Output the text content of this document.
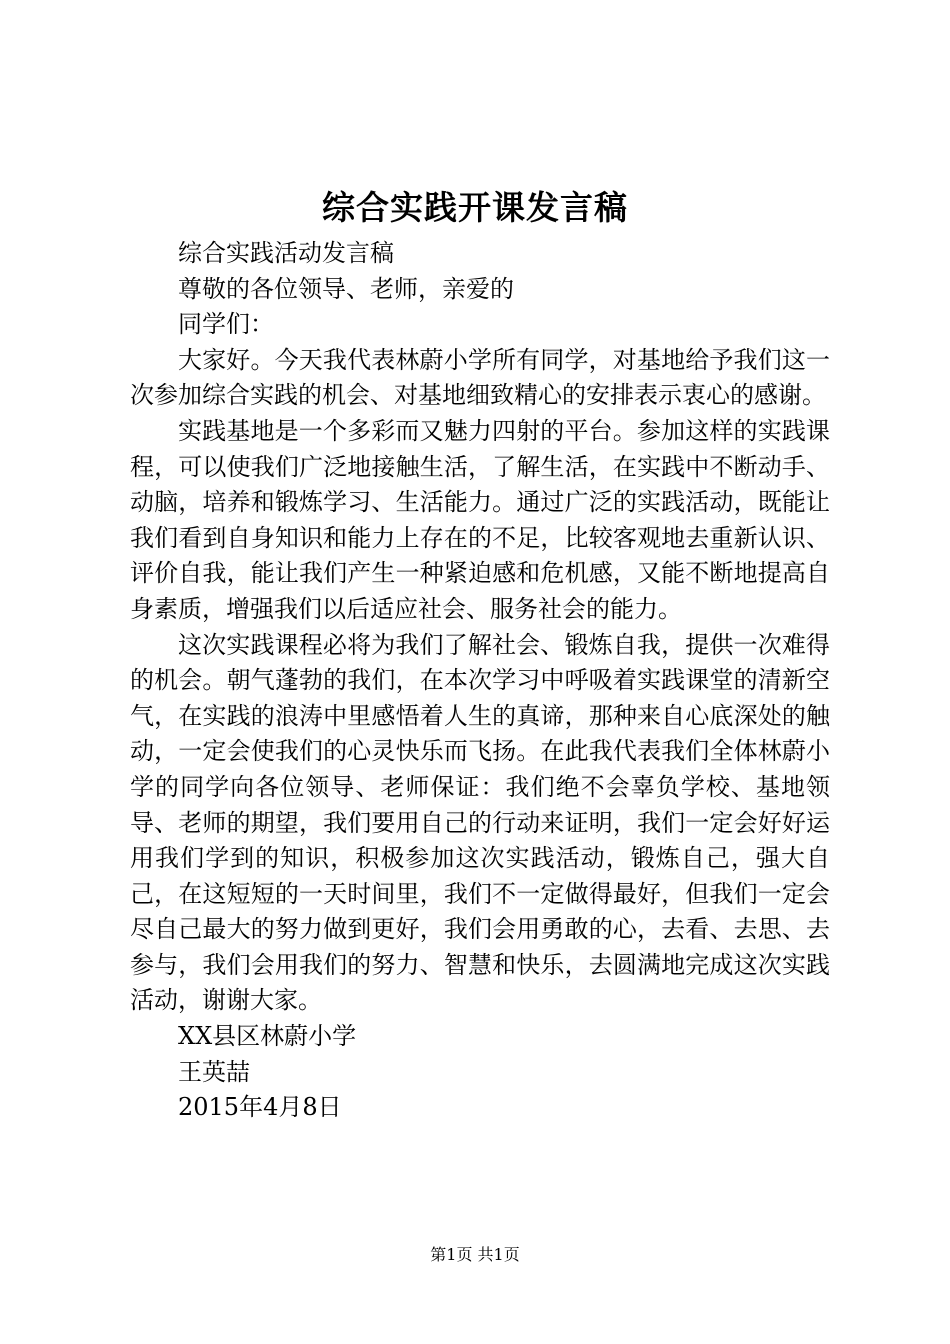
综合实践开课发言稿

综合实践活动发言稿

尊敬的各位领导、老师，亲爱的

同学们：

大家好。今天我代表林蔚小学所有同学，对基地给予我们这一次参加综合实践的机会、对基地细致精心的安排表示衷心的感谢。

实践基地是一个多彩而又魅力四射的平台。参加这样的实践课程，可以使我们广泛地接触生活，了解生活，在实践中不断动手、动脑，培养和锻炼学习、生活能力。通过广泛的实践活动，既能让我们看到自身知识和能力上存在的不足，比较客观地去重新认识、评价自我，能让我们产生一种紧迫感和危机感，又能不断地提高自身素质，增强我们以后适应社会、服务社会的能力。

这次实践课程必将为我们了解社会、锻炼自我，提供一次难得的机会。朝气蓬勃的我们，在本次学习中呼吸着实践课堂的清新空气，在实践的浪涛中里感悟着人生的真谛，那种来自心底深处的触动，一定会使我们的心灵快乐而飞扬。在此我代表我们全体林蔚小学的同学向各位领导、老师保证：我们绝不会辜负学校、基地领导、老师的期望，我们要用自己的行动来证明，我们一定会好好运用我们学到的知识，积极参加这次实践活动，锻炼自己，强大自己，在这短短的一天时间里，我们不一定做得最好，但我们一定会尽自己最大的努力做到更好，我们会用勇敢的心，去看、去思、去参与，我们会用我们的努力、智慧和快乐，去圆满地完成这次实践活动，谢谢大家。

XX县区林蔚小学

王英喆

2015年4月8日

第1页 共1页
